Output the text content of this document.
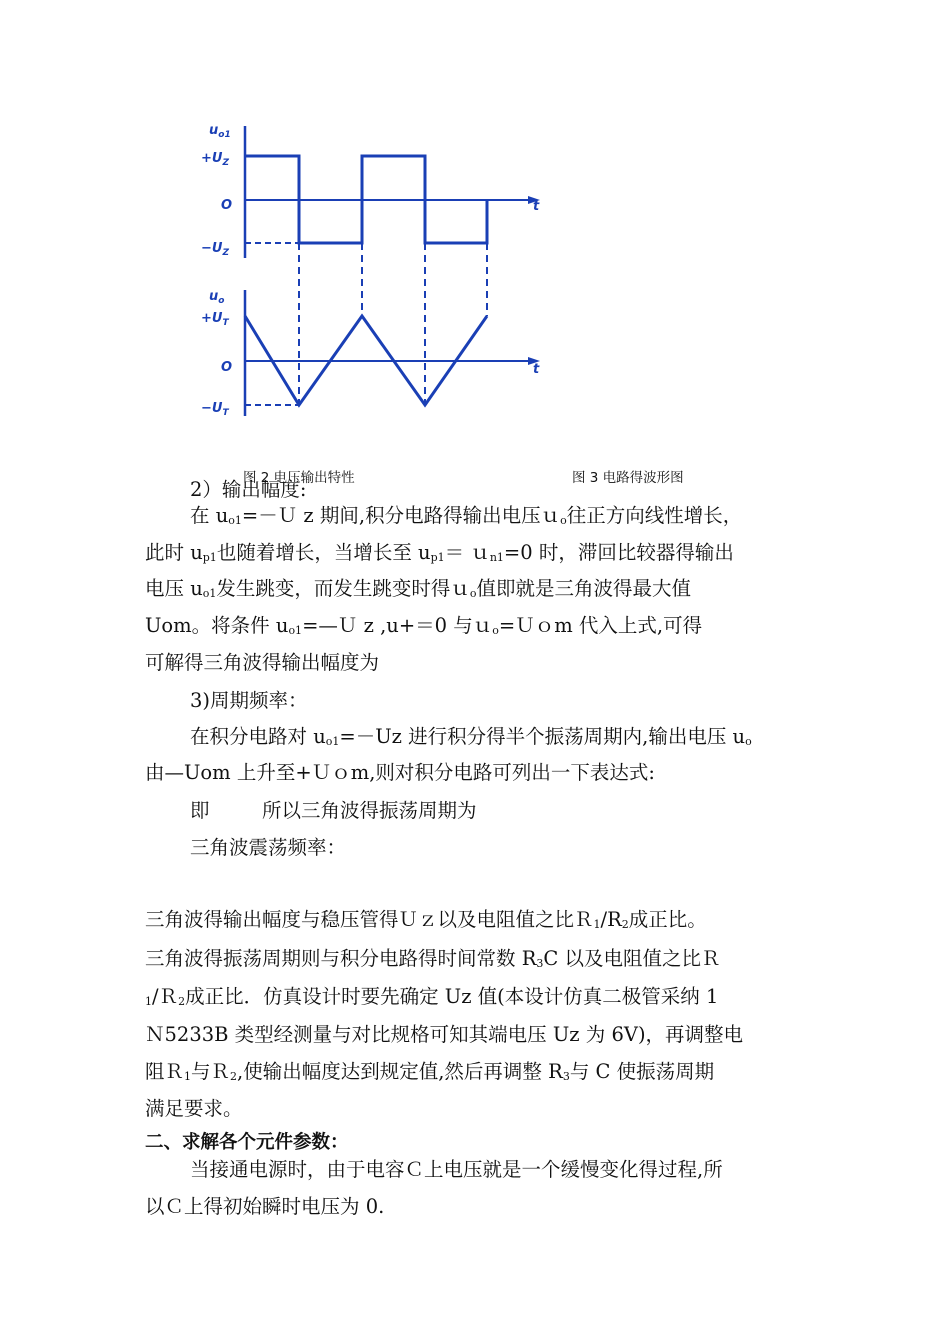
$u_{o1}$
$+U_Z$
O
$-U_Z$
t
$u_o$
$+U_T$
O
$-U_T$
t
图 2 电压输出特性	图 3 电路得波形图
2）输出幅度:
在 $u_{o1}=-U$ z 期间,积分电路得输出电压ｕ$_o$往正方向线性增长，
此时 $u_{p1}$也随着增长，当增长至 $u_{p1}=$ ｕ$_{n1}$=0 时，滞回比较器得输出
电压 $u_{o1}$发生跳变，而发生跳变时得ｕ$_o$值即就是三角波得最大值
Uom。将条件 $u_{o1}=—U$ z ,u+＝0 与ｕ$_o$=Ｕｏm 代入上式,可得
可解得三角波得输出幅度为
3)周期频率：
在积分电路对 $u_{o1}=-Uz$ 进行积分得半个振荡周期内,输出电压 $u_o$
由—Uom 上升至+Ｕｏm,则对积分电路可列出一下表达式:
即	所以三角波得振荡周期为
三角波震荡频率：
三角波得输出幅度与稳压管得Ｕｚ以及电阻值之比$R_1/R_2$成正比。
三角波得振荡周期则与积分电路得时间常数 $R_3C$ 以及电阻值之比Ｒ
$_1$/Ｒ$_2$成正比．仿真设计时要先确定 Uz 值(本设计仿真二极管采纳 1
Ｎ5233B 类型经测量与对比规格可知其端电压 Uz 为 6V)，再调整电
阻Ｒ$_1$与Ｒ$_2$,使输出幅度达到规定值,然后再调整 $R_3$与 C 使振荡周期
满足要求。
二、求解各个元件参数：
当接通电源时，由于电容Ｃ上电压就是一个缓慢变化得过程,所
以Ｃ上得初始瞬时电压为 0.
